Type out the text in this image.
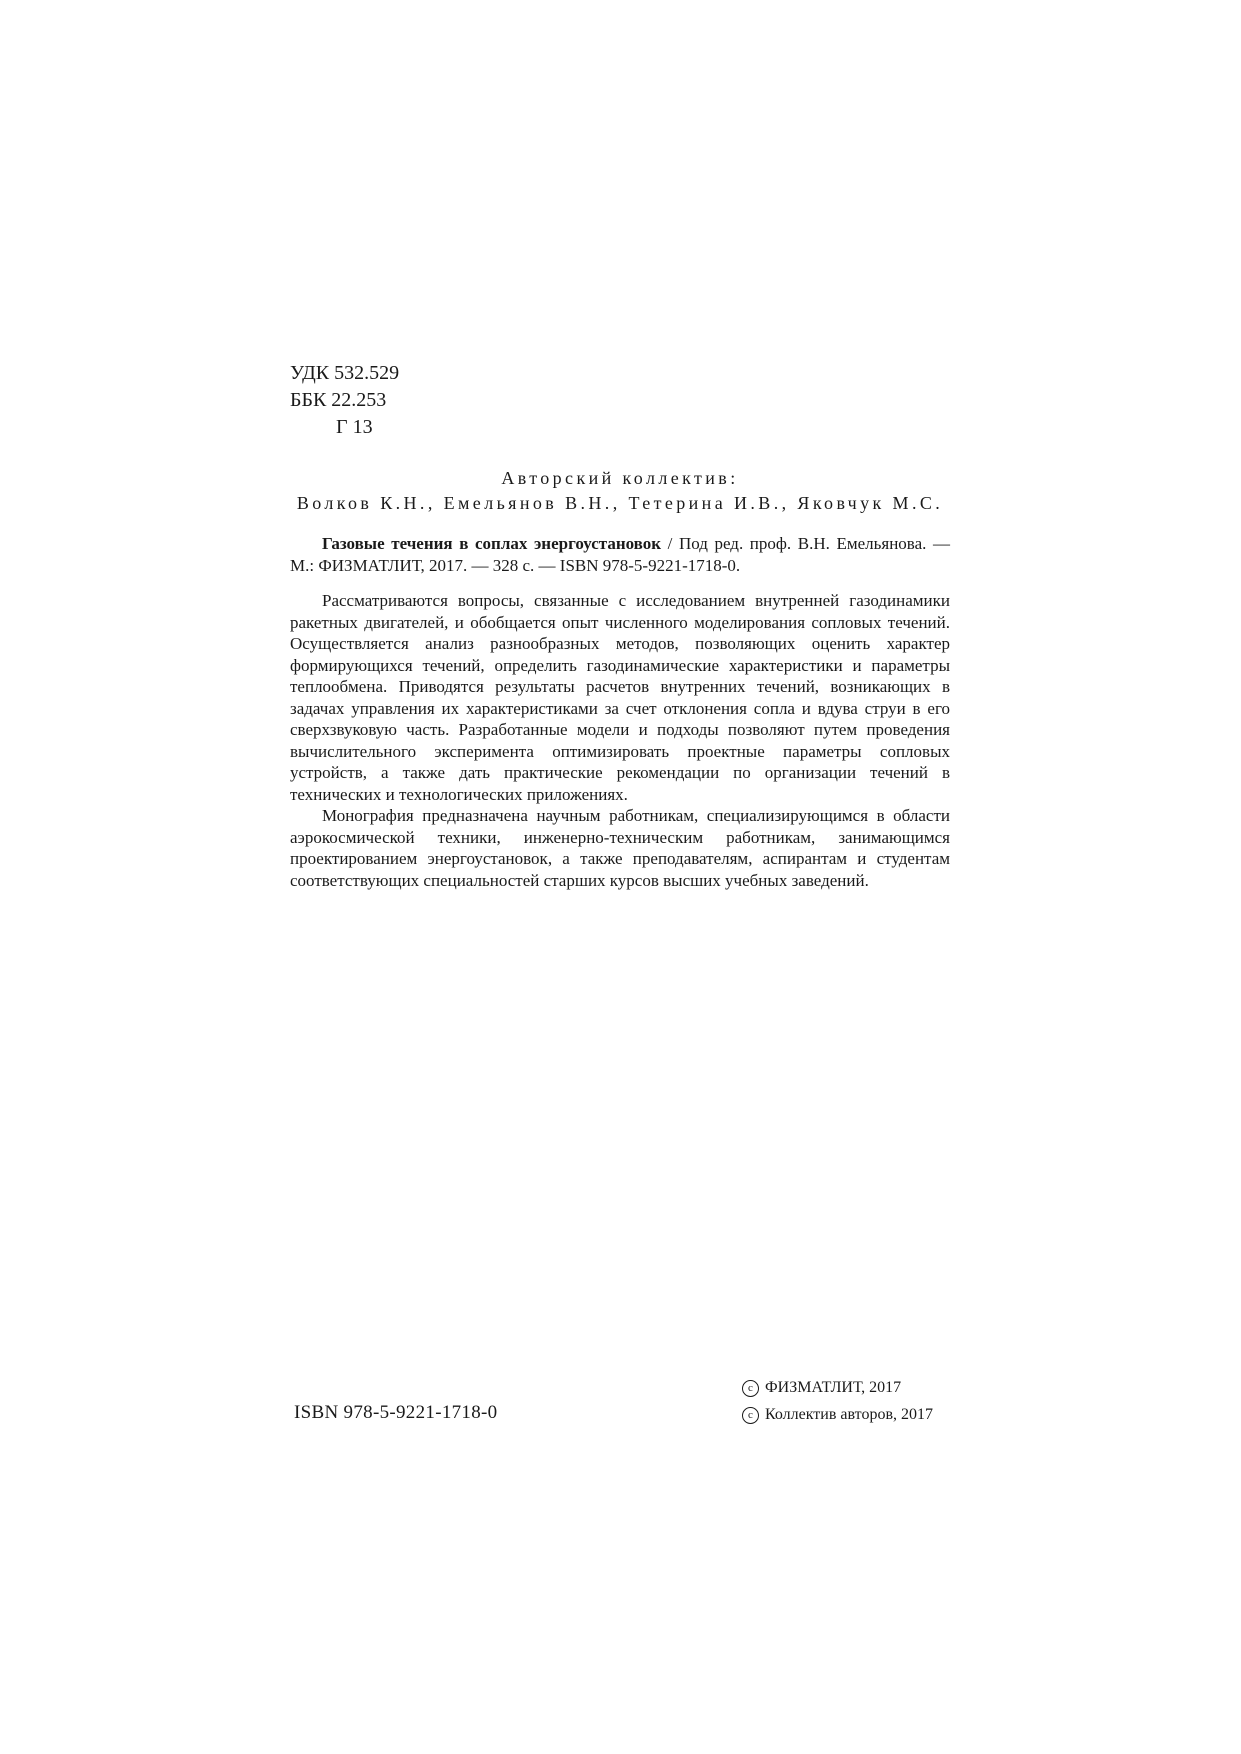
УДК 532.529
ББК 22.253
Г 13
Авторский коллектив:
Волков К.Н., Емельянов В.Н., Тетерина И.В., Яковчук М.С.

Газовые течения в соплах энергоустановок / Под ред. проф. В.Н. Емельянова. — М.: ФИЗМАТЛИТ, 2017. — 328 с. — ISBN 978-5-9221-1718-0.

Рассматриваются вопросы, связанные с исследованием внутренней газодинамики ракетных двигателей, и обобщается опыт численного моделирования сопловых течений. Осуществляется анализ разнообразных методов, позволяющих оценить характер формирующихся течений, определить газодинамические характеристики и параметры теплообмена. Приводятся результаты расчетов внутренних течений, возникающих в задачах управления их характеристиками за счет отклонения сопла и вдува струи в его сверхзвуковую часть. Разработанные модели и подходы позволяют путем проведения вычислительного эксперимента оптимизировать проектные параметры сопловых устройств, а также дать практические рекомендации по организации течений в технических и технологических приложениях.

Монография предназначена научным работникам, специализирующимся в области аэрокосмической техники, инженерно-техническим работникам, занимающимся проектированием энергоустановок, а также преподавателям, аспирантам и студентам соответствующих специальностей старших курсов высших учебных заведений.

ISBN 978-5-9221-1718-0
c ФИЗМАТЛИТ, 2017
c Коллектив авторов, 2017
